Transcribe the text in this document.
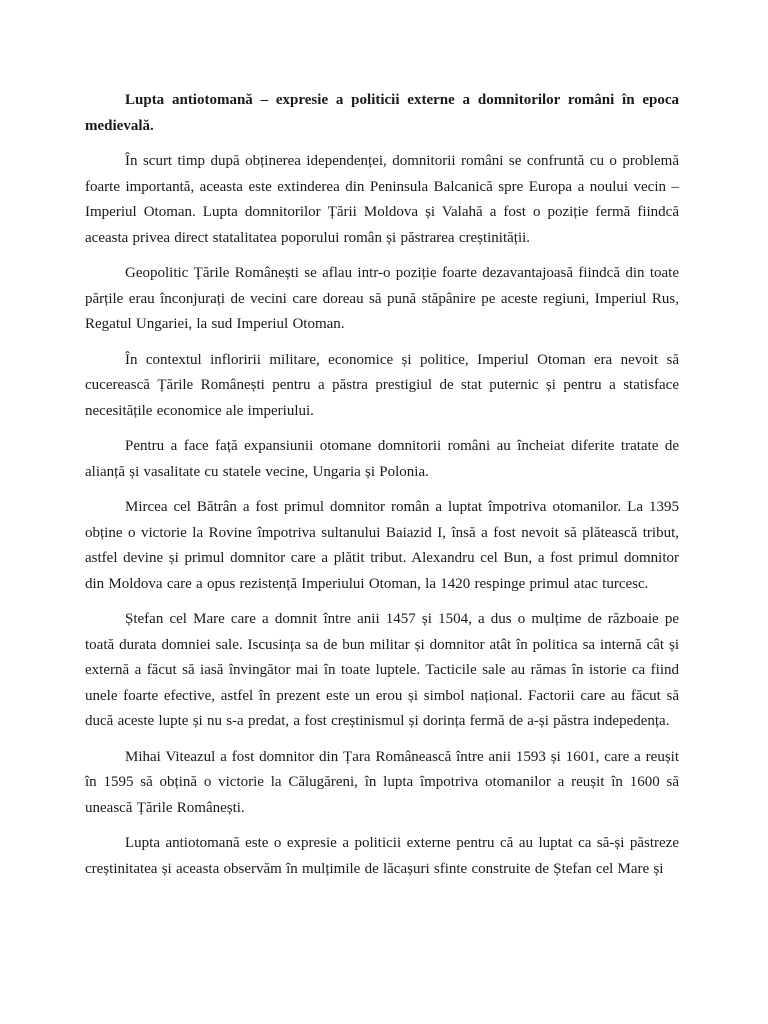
Lupta antiotomană – expresie a politicii externe a domnitorilor români în epoca medievală.

În scurt timp după obținerea idependenței, domnitorii români se confruntă cu o problemă foarte importantă, aceasta este extinderea din Peninsula Balcanică spre Europa a noului vecin – Imperiul Otoman. Lupta domnitorilor Țării Moldova și Valahă a fost o poziție fermă fiindcă aceasta privea direct statalitatea poporului român și păstrarea creștinității.

Geopolitic Țările Românești se aflau intr-o poziție foarte dezavantajoasă fiindcă din toate părțile erau înconjurați de vecini care doreau să pună stăpânire pe aceste regiuni, Imperiul Rus, Regatul Ungariei, la sud Imperiul Otoman.

În contextul infloririi militare, economice și politice, Imperiul Otoman era nevoit să cucerească Țările Românești pentru a păstra prestigiul de stat puternic și pentru a statisface necesitățile economice ale imperiului.

Pentru a face față expansiunii otomane domnitorii români au încheiat diferite tratate de alianță și vasalitate cu statele vecine, Ungaria și Polonia.

Mircea cel Bătrân a fost primul domnitor român a luptat împotriva otomanilor. La 1395 obține o victorie la Rovine împotriva sultanului Baiazid I, însă a fost nevoit să plătească tribut, astfel devine și primul domnitor care a plătit tribut. Alexandru cel Bun, a fost primul domnitor din Moldova care a opus rezistență Imperiului Otoman, la 1420 respinge primul atac turcesc.

Ștefan cel Mare care a domnit între anii 1457 și 1504, a dus o mulțime de războaie pe toată durata domniei sale. Iscusința sa de bun militar și domnitor atât în politica sa internă cât și externă a făcut să iasă învingător mai în toate luptele. Tacticile sale au rămas în istorie ca fiind unele foarte efective, astfel în prezent este un erou și simbol național. Factorii care au făcut să ducă aceste lupte și nu s-a predat, a fost creștinismul și dorința fermă de a-și păstra indepedența.

Mihai Viteazul a fost domnitor din Țara Românească între anii 1593 și 1601, care a reușit în 1595 să obțină o victorie la Călugăreni, în lupta împotriva otomanilor a reușit în 1600 să unească Țările Românești.

Lupta antiotomană este o expresie a politicii externe pentru că au luptat ca să-și păstreze creștinitatea și aceasta observăm în mulțimile de lăcașuri sfinte construite de Ștefan cel Mare și
